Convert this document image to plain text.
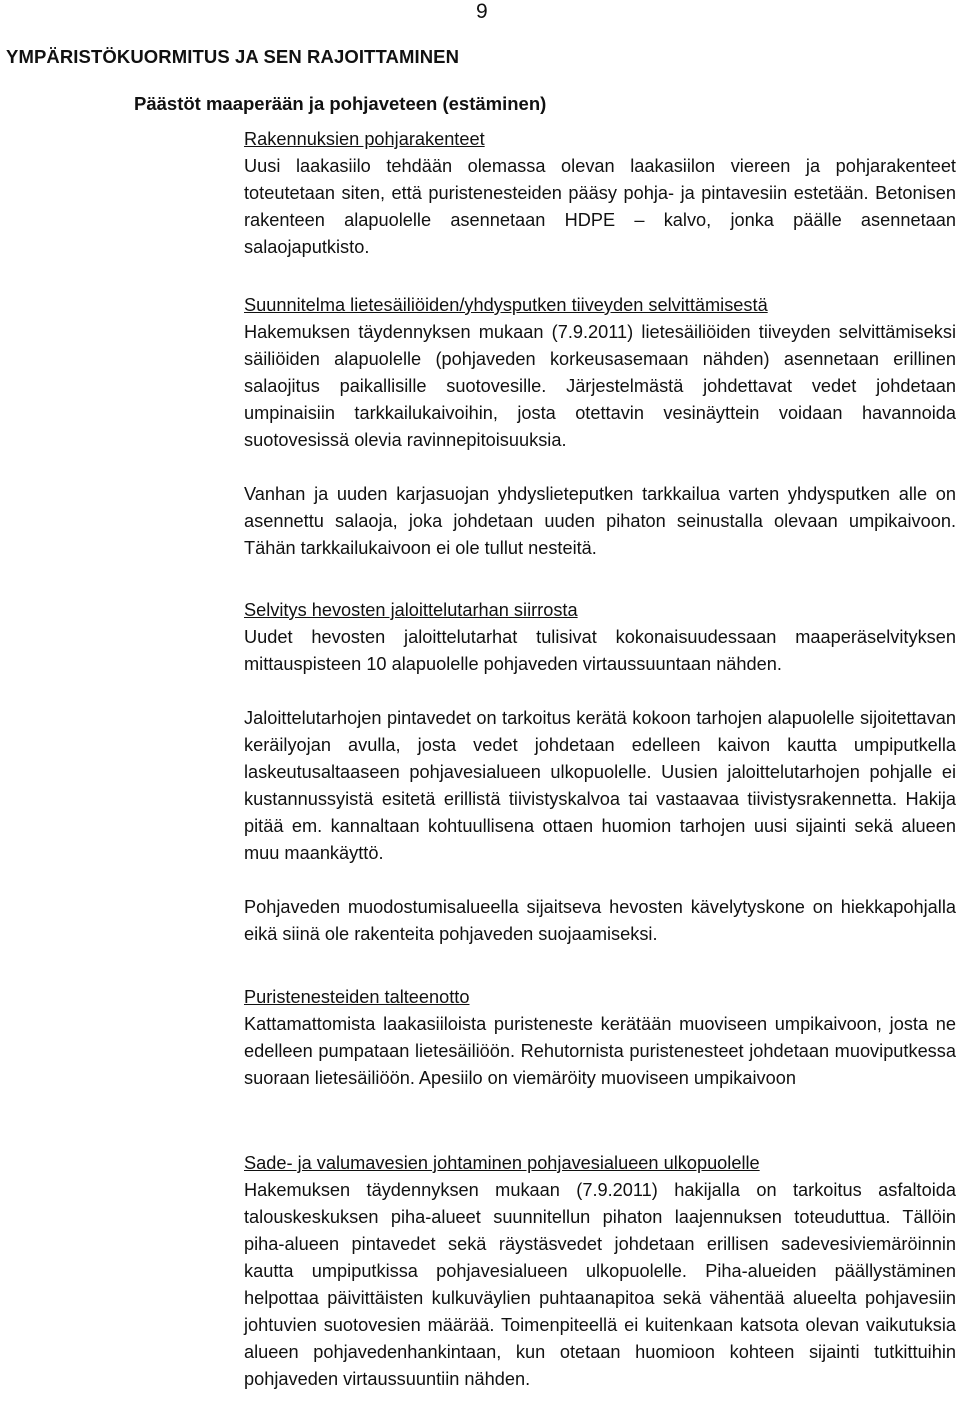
9
YMPÄRISTÖKUORMITUS JA SEN RAJOITTAMINEN
Päästöt maaperään ja pohjaveteen (estäminen)
Rakennuksien pohjarakenteet

Uusi laakasiilo tehdään olemassa olevan laakasiilon viereen ja pohjarakenteet toteutetaan siten, että puristenesteiden pääsy pohja- ja pintavesiin estetään. Betonisen rakenteen alapuolelle asennetaan HDPE – kalvo, jonka päälle asennetaan salaojaputkisto.

Suunnitelma lietesäiliöiden/yhdysputken tiiveyden selvittämisestä

Hakemuksen täydennyksen mukaan (7.9.2011) lietesäiliöiden tiiveyden selvittämiseksi säiliöiden alapuolelle (pohjaveden korkeusasemaan nähden) asennetaan erillinen salaojitus paikallisille suotovesille. Järjestelmästä johdettavat vedet johdetaan umpinaisiin tarkkailukaivoihin, josta otettavin vesinäyttein voidaan havannoida suotovesissä olevia ravinnepitoisuuksia.

Vanhan ja uuden karjasuojan yhdyslieteputken tarkkailua varten yhdysputken alle on asennettu salaoja, joka johdetaan uuden pihaton seinustalla olevaan umpikaivoon. Tähän tarkkailukaivoon ei ole tullut nesteitä.

Selvitys hevosten jaloittelutarhan siirrosta

Uudet hevosten jaloittelutarhat tulisivat kokonaisuudessaan maaperäselvityksen mittauspisteen 10 alapuolelle pohjaveden virtaussuuntaan nähden.

Jaloittelutarhojen pintavedet on tarkoitus kerätä kokoon tarhojen alapuolelle sijoitettavan keräilyojan avulla, josta vedet johdetaan edelleen kaivon kautta umpiputkella laskeutusaltaaseen pohjavesialueen ulkopuolelle. Uusien jaloittelutarhojen pohjalle ei kustannussyistä esitetä erillistä tiivistyskalvoa tai vastaavaa tiivistysrakennetta. Hakija pitää em. kannaltaan kohtuullisena ottaen huomion tarhojen uusi sijainti sekä alueen muu maankäyttö.

Pohjaveden muodostumisalueella sijaitseva hevosten kävelytyskone on hiekkapohjalla eikä siinä ole rakenteita pohjaveden suojaamiseksi.

Puristenesteiden talteenotto

Kattamattomista laakasiiloista puristeneste kerätään muoviseen umpikaivoon, josta ne edelleen pumpataan lietesäiliöön. Rehutornista puristenesteet johdetaan muoviputkessa suoraan lietesäiliöön. Apesiilo on viemäröity muoviseen umpikaivoon

Sade- ja valumavesien johtaminen pohjavesialueen ulkopuolelle

Hakemuksen täydennyksen mukaan (7.9.2011) hakijalla on tarkoitus asfaltoida talouskeskuksen piha-alueet suunnitellun pihaton laajennuksen toteuduttua. Tällöin piha-alueen pintavedet sekä räystäsvedet johdetaan erillisen sadevesiviemäröinnin kautta umpiputkissa pohjavesialueen ulkopuolelle. Piha-alueiden päällystäminen helpottaa päivittäisten kulkuväylien puhtaanapitoa sekä vähentää alueelta pohjavesiin johtuvien suotovesien määrää. Toimenpiteellä ei kuitenkaan katsota olevan vaikutuksia alueen pohjavedenhankintaan, kun otetaan huomioon kohteen sijainti tutkittuihin pohjaveden virtaussuuntiin nähden.
